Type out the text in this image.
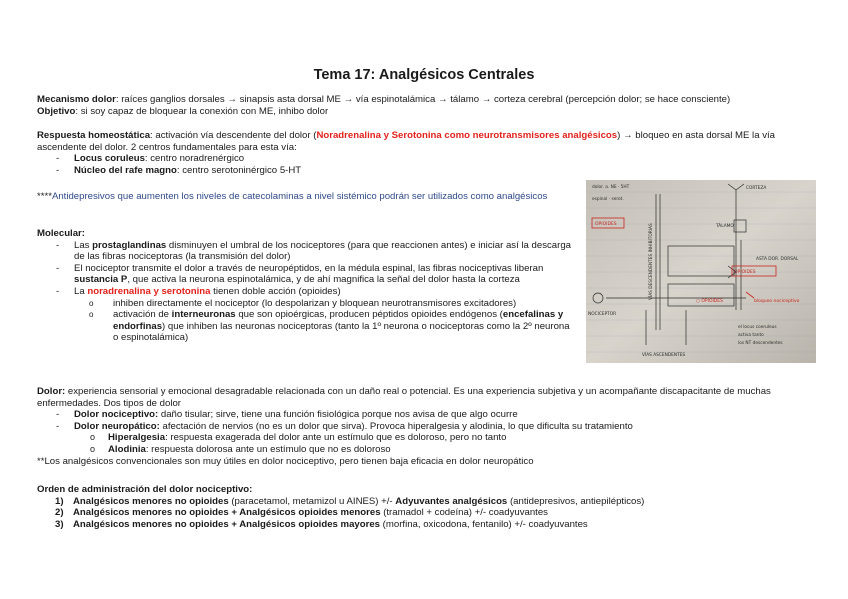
Tema 17: Analgésicos Centrales
Mecanismo dolor: raíces ganglios dorsales → sinapsis asta dorsal ME → vía espinotalámica → tálamo → corteza cerebral (percepción dolor; se hace consciente)
Objetivo: si soy capaz de bloquear la conexión con ME, inhibo dolor
Respuesta homeostática: activación vía descendente del dolor (Noradrenalina y Serotonina como neurotransmisores analgésicos) → bloqueo en asta dorsal ME la vía ascendente del dolor. 2 centros fundamentales para esta vía:
-	Locus coruleus: centro noradrenérgico
-	Núcleo del rafe magno: centro serotoninérgico 5-HT
****Antidepresivos que aumenten los niveles de catecolaminas a nivel sistémico podrán ser utilizados como analgésicos
Molecular:
-	Las prostaglandinas disminuyen el umbral de los nociceptores (para que reaccionen antes) e iniciar así la descarga de las fibras nociceptoras (la transmisión del dolor)
-	El nociceptor transmite el dolor a través de neuropéptidos, en la médula espinal, las fibras nociceptivas liberan sustancia P, que activa la neurona espinotalámica, y de ahí magnifica la señal del dolor hasta la corteza
-	La noradrenalina y serotonina tienen doble acción (opioides)
o	inhiben directamente el nociceptor (lo despolarizan y bloquean neurotransmisores excitadores)
o	activación de interneuronas que son opioérgicas, producen péptidos opioides endógenos (encefalinas y endorfinas) que inhiben las neuronas nociceptoras (tanto la 1º neurona o nociceptoras como la 2º neurona o espinotalámica)
dolor. a. NE · 5HT
espinal · serot.
CORTEZA
TÁLAMO
OPIOIDES
ASTA DOR. DORSAL
OPIOIDES
bloqueo nociceptivo
NOCICEPTOR
○ OPIOIDES
VÍAS ASCENDENTES
el locus coeruleus
activa tanto
los NT descendentes
VÍAS DESCENDENTES INHIBITORIAS
Dolor: experiencia sensorial y emocional desagradable relacionada con un daño real o potencial. Es una experiencia subjetiva y un acompañante discapacitante de muchas enfermedades. Dos tipos de dolor
-	Dolor nociceptivo: daño tisular; sirve, tiene una función fisiológica porque nos avisa de que algo ocurre
-	Dolor neuropático: afectación de nervios (no es un dolor que sirva). Provoca hiperalgesia y alodinia, lo que dificulta su tratamiento
o	Hiperalgesia: respuesta exagerada del dolor ante un estímulo que es doloroso, pero no tanto
o	Alodinia: respuesta dolorosa ante un estímulo que no es doloroso
**Los analgésicos convencionales son muy útiles en dolor nociceptivo, pero tienen baja eficacia en dolor neuropático
Orden de administración del dolor nociceptivo:
1) Analgésicos menores no opioides (paracetamol, metamizol u AINES) +/- Adyuvantes analgésicos (antidepresivos, antiepilépticos)
2) Analgésicos menores no opioides + Analgésicos opioides menores (tramadol + codeína) +/- coadyuvantes
3) Analgésicos menores no opioides + Analgésicos opioides mayores (morfina, oxicodona, fentanilo) +/- coadyuvantes
